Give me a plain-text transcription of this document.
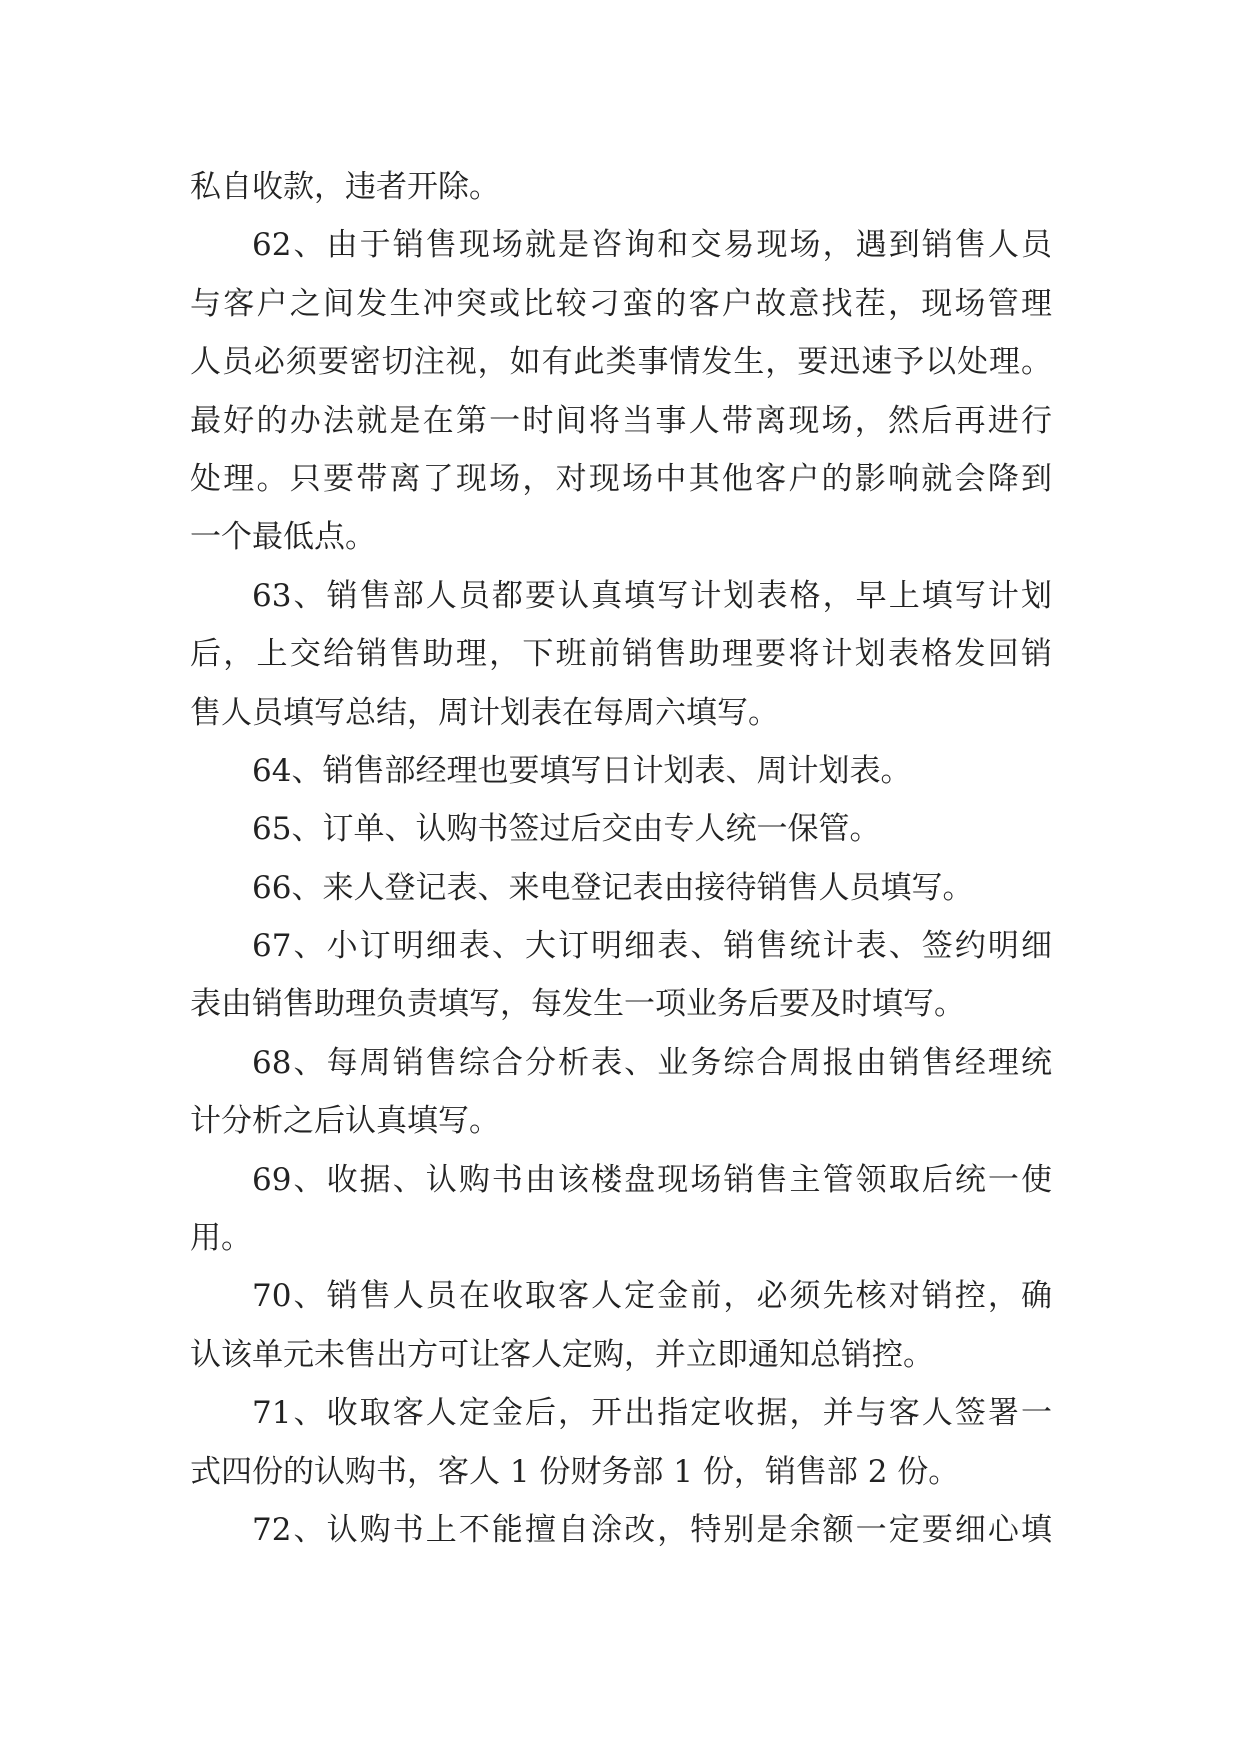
私自收款，违者开除。
62、由于销售现场就是咨询和交易现场，遇到销售人员
与客户之间发生冲突或比较刁蛮的客户故意找茬，现场管理
人员必须要密切注视，如有此类事情发生，要迅速予以处理。
最好的办法就是在第一时间将当事人带离现场，然后再进行
处理。只要带离了现场，对现场中其他客户的影响就会降到
一个最低点。
63、销售部人员都要认真填写计划表格，早上填写计划
后，上交给销售助理，下班前销售助理要将计划表格发回销
售人员填写总结，周计划表在每周六填写。
64、销售部经理也要填写日计划表、周计划表。
65、订单、认购书签过后交由专人统一保管。
66、来人登记表、来电登记表由接待销售人员填写。
67、小订明细表、大订明细表、销售统计表、签约明细
表由销售助理负责填写，每发生一项业务后要及时填写。
68、每周销售综合分析表、业务综合周报由销售经理统
计分析之后认真填写。
69、收据、认购书由该楼盘现场销售主管领取后统一使
用。
70、销售人员在收取客人定金前，必须先核对销控，确
认该单元未售出方可让客人定购，并立即通知总销控。
71、收取客人定金后，开出指定收据，并与客人签署一
式四份的认购书，客人 1 份财务部 1 份，销售部 2 份。
72、认购书上不能擅自涂改，特别是余额一定要细心填
